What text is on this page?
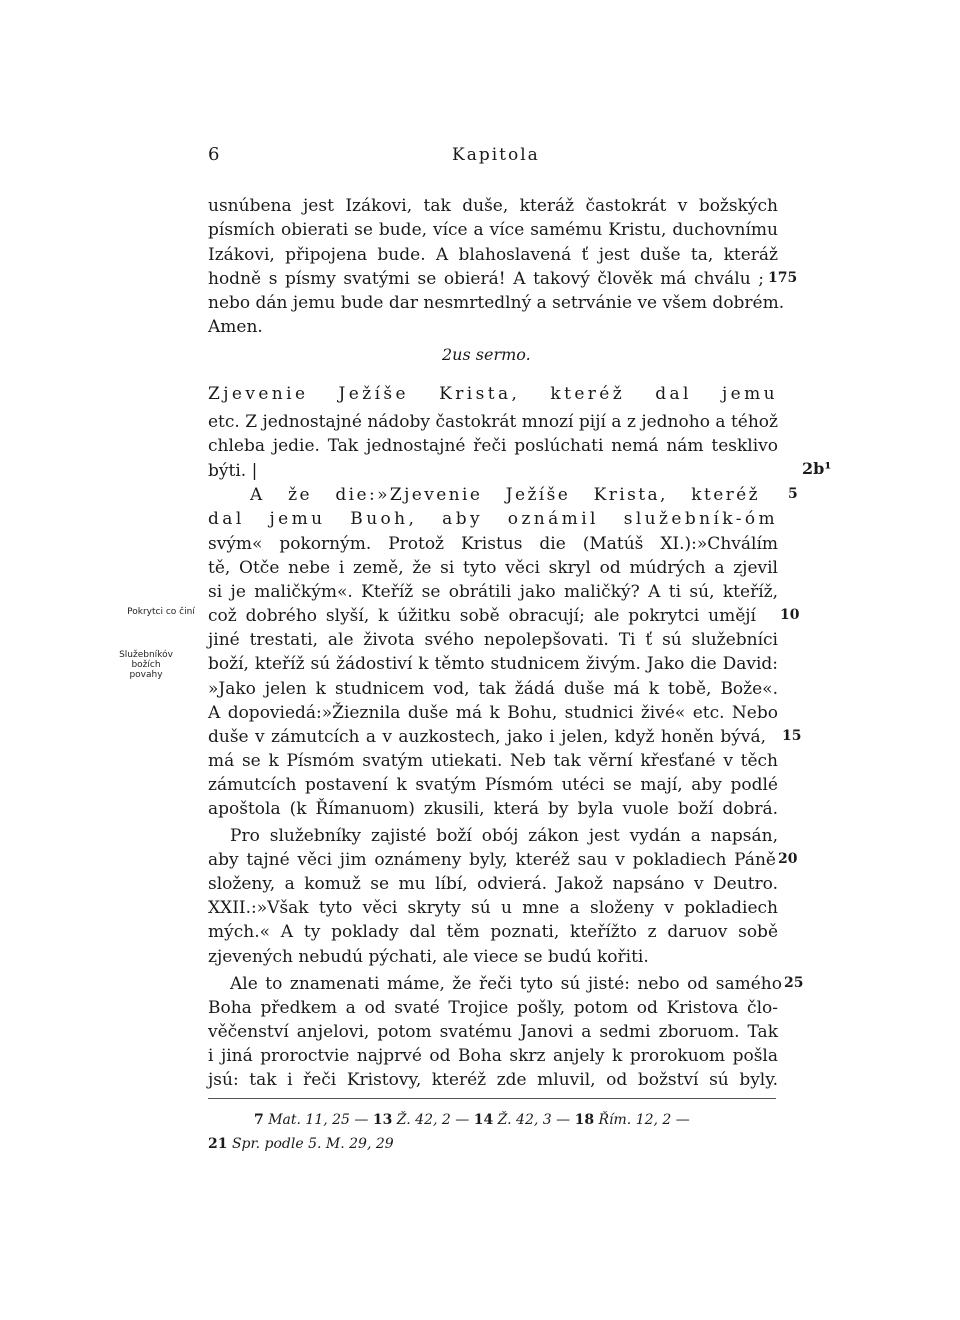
6	Kapitola
usnúbena jest Izákovi, tak duše, kteráž častokrát v božských
písmích obierati se bude, více a více samému Kristu, duchovnímu
Izákovi, připojena bude. A blahoslavená ť jest duše ta, kteráž
hodně s písmy svatými se obierá! A takový člověk má chválu ;
nebo dán jemu bude dar nesmrtedlný a setrvánie ve všem dobrém.
Amen.
2us sermo.
Zjevenie Ježíše Krista, kteréž dal jemu
etc. Z jednostajné nádoby častokrát mnozí pijí a z jednoho a téhož
chleba jedie. Tak jednostajné řeči poslúchati nemá nám tesklivo
býti. |
A že die:»Zjevenie Ježíše Krista, kteréž
dal jemu Buoh, aby oznámil služebník-óm
svým« pokorným. Protož Kristus die (Matúš XI.):»Chválím
tě, Otče nebe i země, že si tyto věci skryl od múdrých a zjevil
si je maličkým«. Kteříž se obrátili jako maličký? A ti sú, kteříž,
což dobrého slyší, k úžitku sobě obracují; ale pokrytci umějí
jiné trestati, ale života svého nepolepšovati. Ti ť sú služebníci
boží, kteříž sú žádostiví k těmto studnicem živým. Jako die David:
»Jako jelen k studnicem vod, tak žádá duše má k tobě, Bože«.
A dopoviedá:»Žieznila duše má k Bohu, studnici živé« etc. Nebo
duše v zámutcích a v auzkostech, jako i jelen, když honěn bývá,
má se k Písmóm svatým utiekati. Neb tak věrní křesťané v těch
zámutcích postavení k svatým Písmóm utéci se mají, aby podlé
apoštola (k Římanuom) zkusili, která by byla vuole boží dobrá.
Pro služebníky zajisté boží obój zákon jest vydán a napsán,
aby tajné věci jim oznámeny byly, kteréž sau v pokladiech Páně
složeny, a komuž se mu líbí, odvierá. Jakož napsáno v Deutro.
XXII.:»Však tyto věci skryty sú u mne a složeny v pokladiech
mých.« A ty poklady dal těm poznati, kteřížto z daruov sobě
zjevených nebudú pýchati, ale viece se budú kořiti.
Ale to znamenati máme, že řeči tyto sú jisté: nebo od samého
Boha předkem a od svaté Trojice pošly, potom od Kristova člo-
věčenství anjelovi, potom svatému Janovi a sedmi zboruom. Tak
i jiná proroctvie najprvé od Boha skrz anjely k prorokuom pošla
jsú: tak i řeči Kristovy, kteréž zde mluvil, od božství sú byly.
175
5
10
15
20
25
2b¹
Pokrytci co činí
Služebníkóv božích povahy
7 Mat. 11, 25 — 13 Ž. 42, 2 — 14 Ž. 42, 3 — 18 Řím. 12, 2 —
21 Spr. podle 5. M. 29, 29
